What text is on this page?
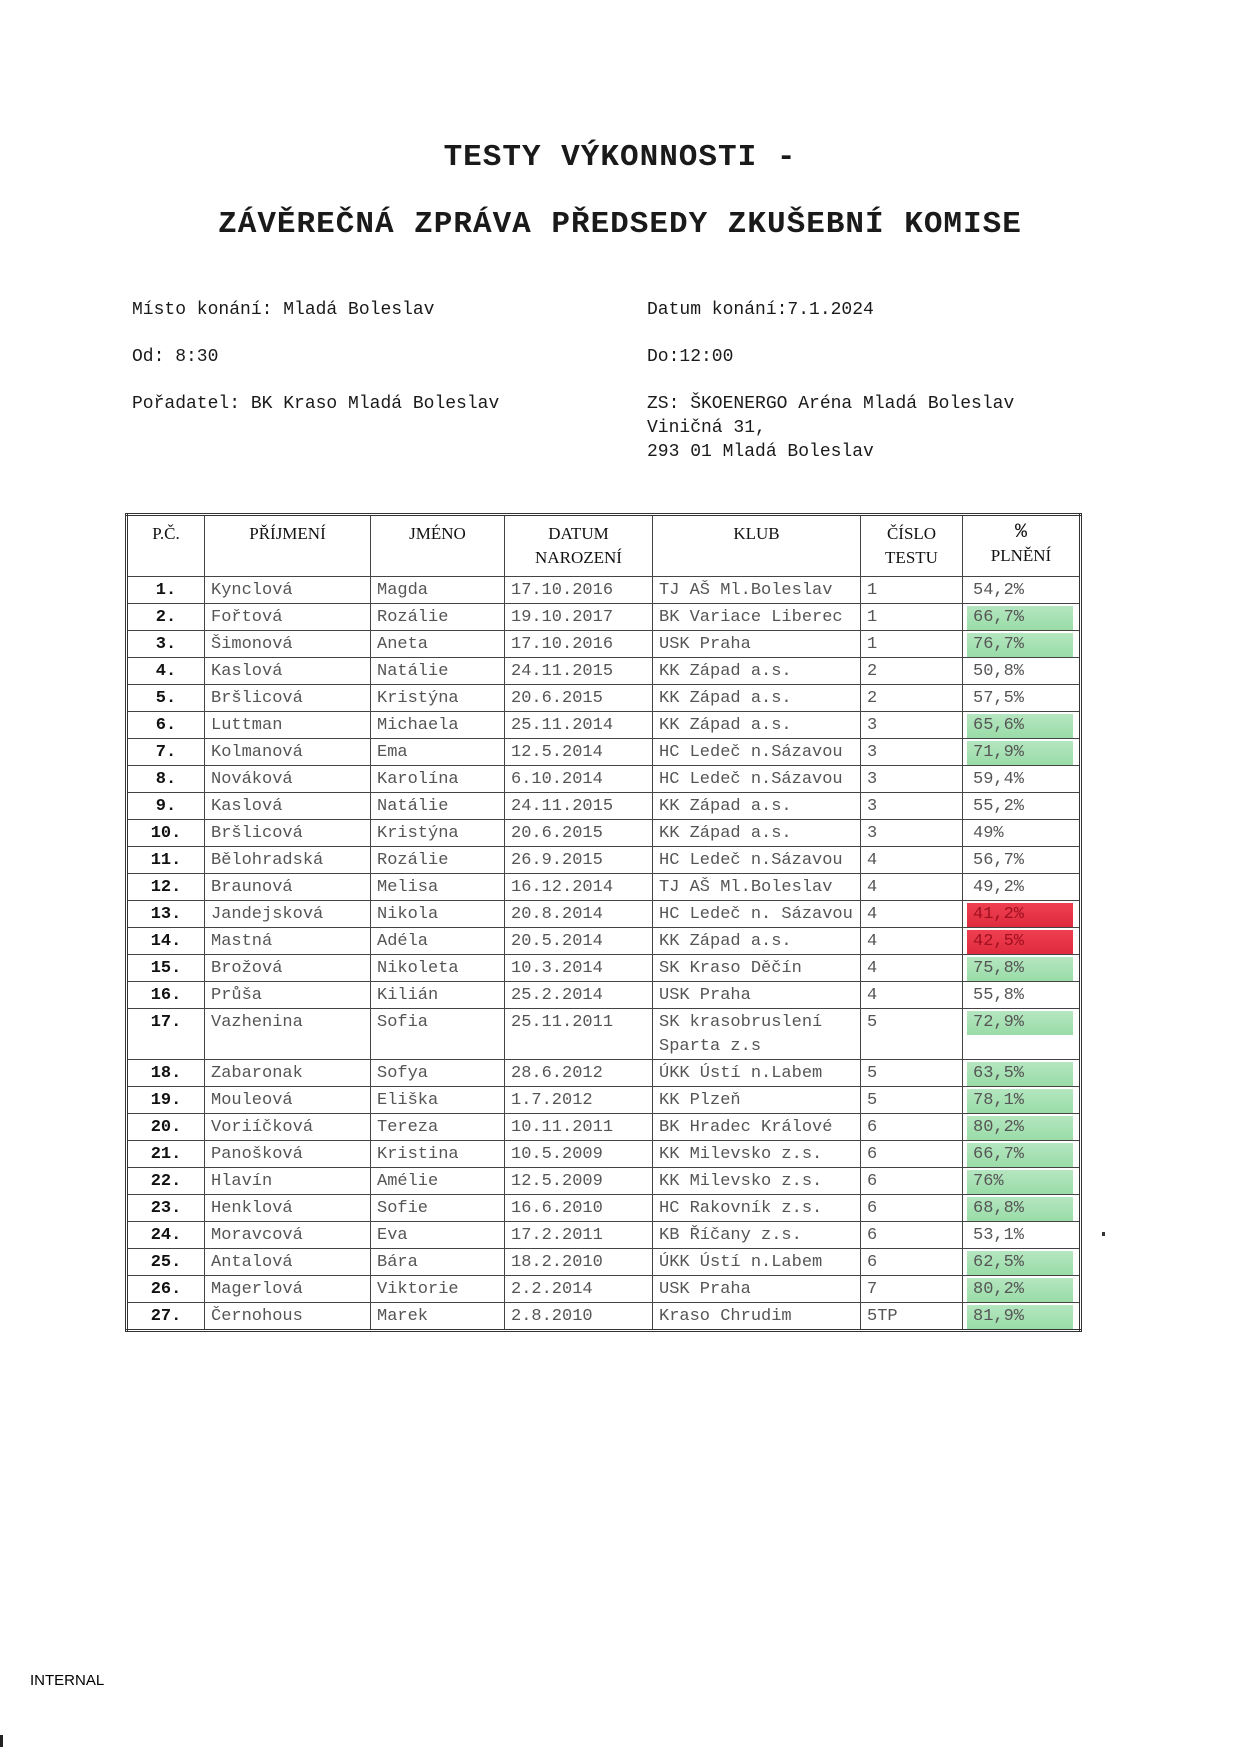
TESTY VÝKONNOSTI -
ZÁVĚREČNÁ ZPRÁVA PŘEDSEDY ZKUŠEBNÍ KOMISE
Místo konání: Mladá Boleslav	Datum konání:7.1.2024
Od: 8:30	Do:12:00
Pořadatel: BK Kraso Mladá Boleslav	ZS: ŠKOENERGO Aréna Mladá Boleslav
Viničná 31,
293 01 Mladá Boleslav
P.Č.	PŘÍJMENÍ	JMÉNO	DATUM NAROZENÍ	KLUB	ČÍSLO TESTU	%
PLNĚNÍ
1.	Kynclová	Magda	17.10.2016	TJ AŠ Ml.Boleslav	1	54,2%

2.	Fořtová	Rozálie	19.10.2017	BK Variace Liberec	1	66,7%

3.	Šimonová	Aneta	17.10.2016	USK Praha	1	76,7%

4.	Kaslová	Natálie	24.11.2015	KK Západ a.s.	2	50,8%

5.	Bršlicová	Kristýna	20.6.2015	KK Západ a.s.	2	57,5%

6.	Luttman	Michaela	25.11.2014	KK Západ a.s.	3	65,6%

7.	Kolmanová	Ema	12.5.2014	HC Ledeč n.Sázavou	3	71,9%

8.	Nováková	Karolína	6.10.2014	HC Ledeč n.Sázavou	3	59,4%

9.	Kaslová	Natálie	24.11.2015	KK Západ a.s.	3	55,2%

10.	Bršlicová	Kristýna	20.6.2015	KK Západ a.s.	3	49%

11.	Bělohradská	Rozálie	26.9.2015	HC Ledeč n.Sázavou	4	56,7%

12.	Braunová	Melisa	16.12.2014	TJ AŠ Ml.Boleslav	4	49,2%

13.	Jandejsková	Nikola	20.8.2014	HC Ledeč n. Sázavou	4	41,2%

14.	Mastná	Adéla	20.5.2014	KK Západ a.s.	4	42,5%

15.	Brožová	Nikoleta	10.3.2014	SK Kraso Děčín	4	75,8%

16.	Průša	Kilián	25.2.2014	USK Praha	4	55,8%

17.	Vazhenina	Sofia	25.11.2011	SK krasobruslení Sparta z.s	5	72,9%

18.	Zabaronak	Sofya	28.6.2012	ÚKK Ústí n.Labem	5	63,5%

19.	Mouleová	Eliška	1.7.2012	KK Plzeň	5	78,1%

20.	Voriíčková	Tereza	10.11.2011	BK Hradec Králové	6	80,2%

21.	Panošková	Kristina	10.5.2009	KK Milevsko z.s.	6	66,7%

22.	Hlavín	Amélie	12.5.2009	KK Milevsko z.s.	6	76%

23.	Henklová	Sofie	16.6.2010	HC Rakovník z.s.	6	68,8%

24.	Moravcová	Eva	17.2.2011	KB Říčany z.s.	6	53,1%

25.	Antalová	Bára	18.2.2010	ÚKK Ústí n.Labem	6	62,5%

26.	Magerlová	Viktorie	2.2.2014	USK Praha	7	80,2%

27.	Černohous	Marek	2.8.2010	Kraso Chrudim	5TP	81,9%
INTERNAL
